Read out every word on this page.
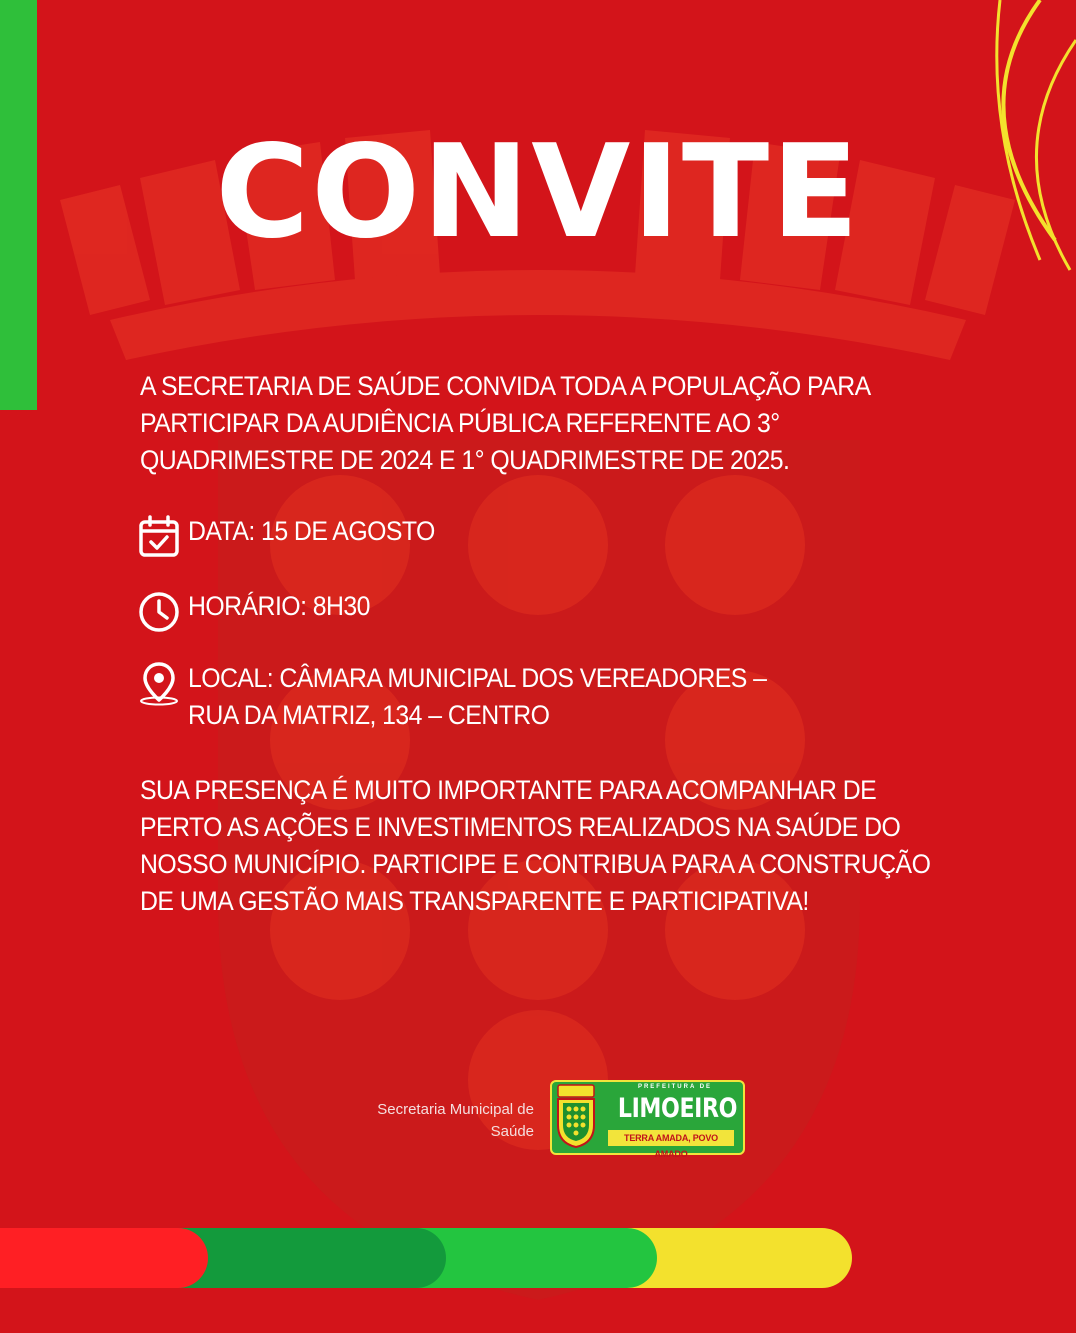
CONVITE
A SECRETARIA DE SAÚDE CONVIDA TODA A POPULAÇÃO PARA PARTICIPAR DA AUDIÊNCIA PÚBLICA REFERENTE AO 3° QUADRIMESTRE DE 2024 E 1° QUADRIMESTRE DE 2025.
DATA: 15 DE AGOSTO
HORÁRIO: 8H30
LOCAL: CÂMARA MUNICIPAL DOS VEREADORES –
RUA DA MATRIZ, 134 – CENTRO
SUA PRESENÇA É MUITO IMPORTANTE PARA ACOMPANHAR DE PERTO AS AÇÕES E INVESTIMENTOS REALIZADOS NA SAÚDE DO NOSSO MUNICÍPIO. PARTICIPE E CONTRIBUA PARA A CONSTRUÇÃO DE UMA GESTÃO MAIS TRANSPARENTE E PARTICIPATIVA!
Secretaria Municipal de
Saúde
PREFEITURA DE
LIMOEIRO
TERRA AMADA, POVO AMADO
